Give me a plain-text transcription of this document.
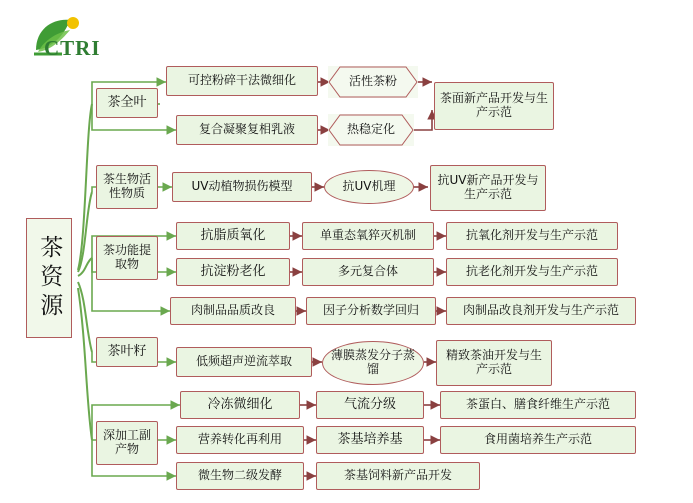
CTRI
茶资源
茶全叶
茶生物活性物质
茶功能提取物
茶叶籽
深加工副产物
可控粉碎干法微细化	活性茶粉
茶面新产品开发与生产示范
复合凝聚复相乳液	热稳定化
UV动植物损伤模型	抗UV机理	抗UV新产品开发与生产示范
抗脂质氧化	单重态氧猝灭机制	抗氧化剂开发与生产示范
抗淀粉老化	多元复合体	抗老化剂开发与生产示范
肉制品品质改良	因子分析数学回归	肉制品改良剂开发与生产示范
低频超声逆流萃取	薄膜蒸发分子蒸馏
精致茶油开发与生产示范
冷冻微细化	气流分级	茶蛋白、膳食纤维生产示范
营养转化再利用	茶基培养基	食用菌培养生产示范
微生物二级发酵	茶基饲料新产品开发
